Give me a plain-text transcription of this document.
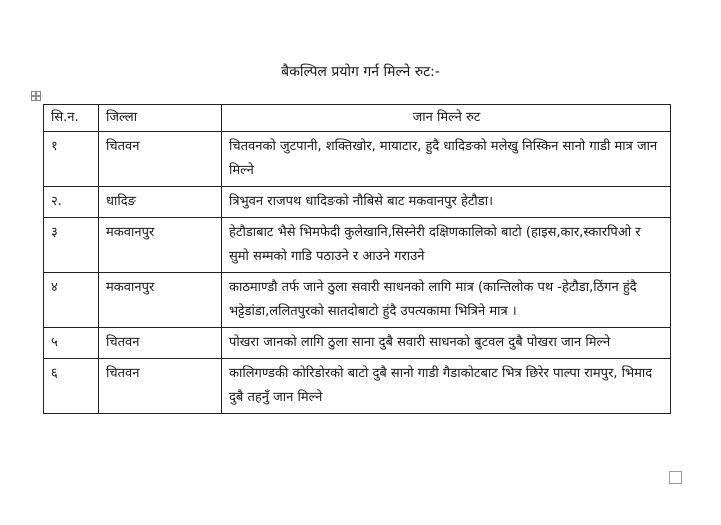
बैकल्पिल प्रयोग गर्न मिल्ने रुट:-
सि.न.	जिल्ला	जान मिल्ने रुट
१	चितवन	चितवनको जुटपानी, शक्तिखोर, मायाटार, हुदै धादिङको मलेखु निस्किन सानो गाडी मात्र जान मिल्ने
२.	धादिङ	त्रिभुवन राजपथ धादिङको नौबिसे बाट मकवानपुर हेटौडा।
३	मकवानपुर	हेटौडाबाट भैसे भिमफेदी कुलेखानि,सिस्नेरी दक्षिणकालिको बाटो (हाइस,कार,स्कारपिओ र सुमो सम्मको गाडि पठाउने र आउने गराउने
४	मकवानपुर	काठमाण्डौ तर्फ जाने ठुला सवारी साधनको लागि मात्र (कान्तिलोक पथ -हेटौडा,ठिंगन हुंदै भट्टेडांडा,ललितपुरको सातदोबाटो हुंदै उपत्यकामा भित्रिने मात्र ।
५	चितवन	पोखरा जानको लागि ठुला साना दुबै सवारी साधनको बुटवल दुबै पोखरा जान मिल्ने
६	चितवन	कालिगण्डकी कोरिडोरको बाटो दुबै सानो गाडी गैडाकोटबाट भित्र छिरेर पाल्पा रामपुर, भिमाद दुबै तहनुँ जान मिल्ने
